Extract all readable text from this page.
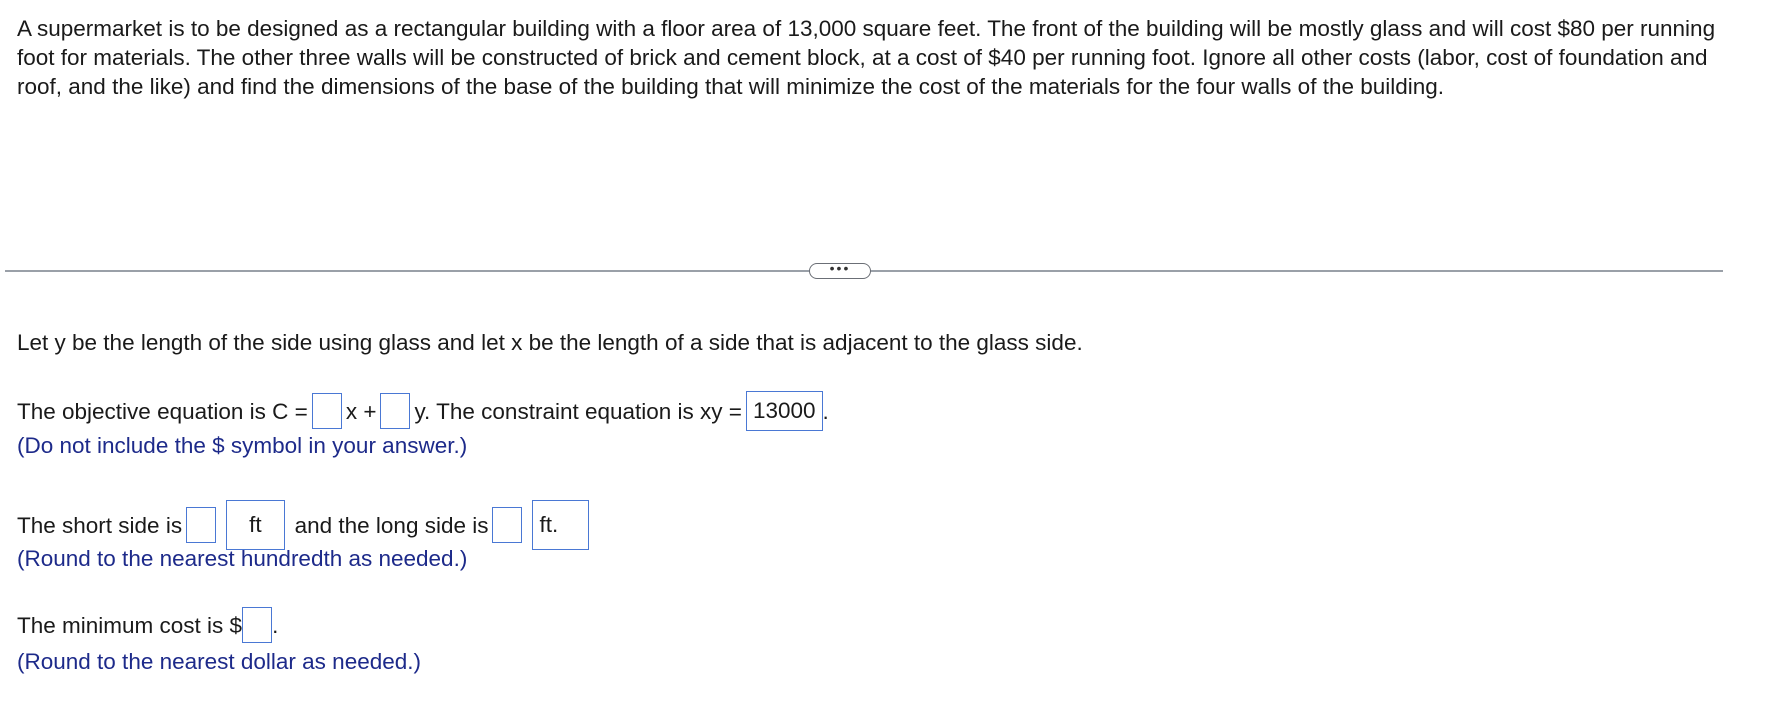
A supermarket is to be designed as a rectangular building with a floor area of 13,000 square feet. The front of the building will be mostly glass and will cost $80 per running foot for materials. The other three walls will be constructed of brick and cement block, at a cost of $40 per running foot. Ignore all other costs (labor, cost of foundation and roof, and the like) and find the dimensions of the base of the building that will minimize the cost of the materials for the four walls of the building.
•••
Let y be the length of the side using glass and let x be the length of a side that is adjacent to the glass side.
The objective equation is C = x + y. The constraint equation is xy = 13000 .
(Do not include the $ symbol in your answer.)
The short side is	ft and the long side is ft.
(Round to the nearest hundredth as needed.)
The minimum cost is $ .
(Round to the nearest dollar as needed.)
